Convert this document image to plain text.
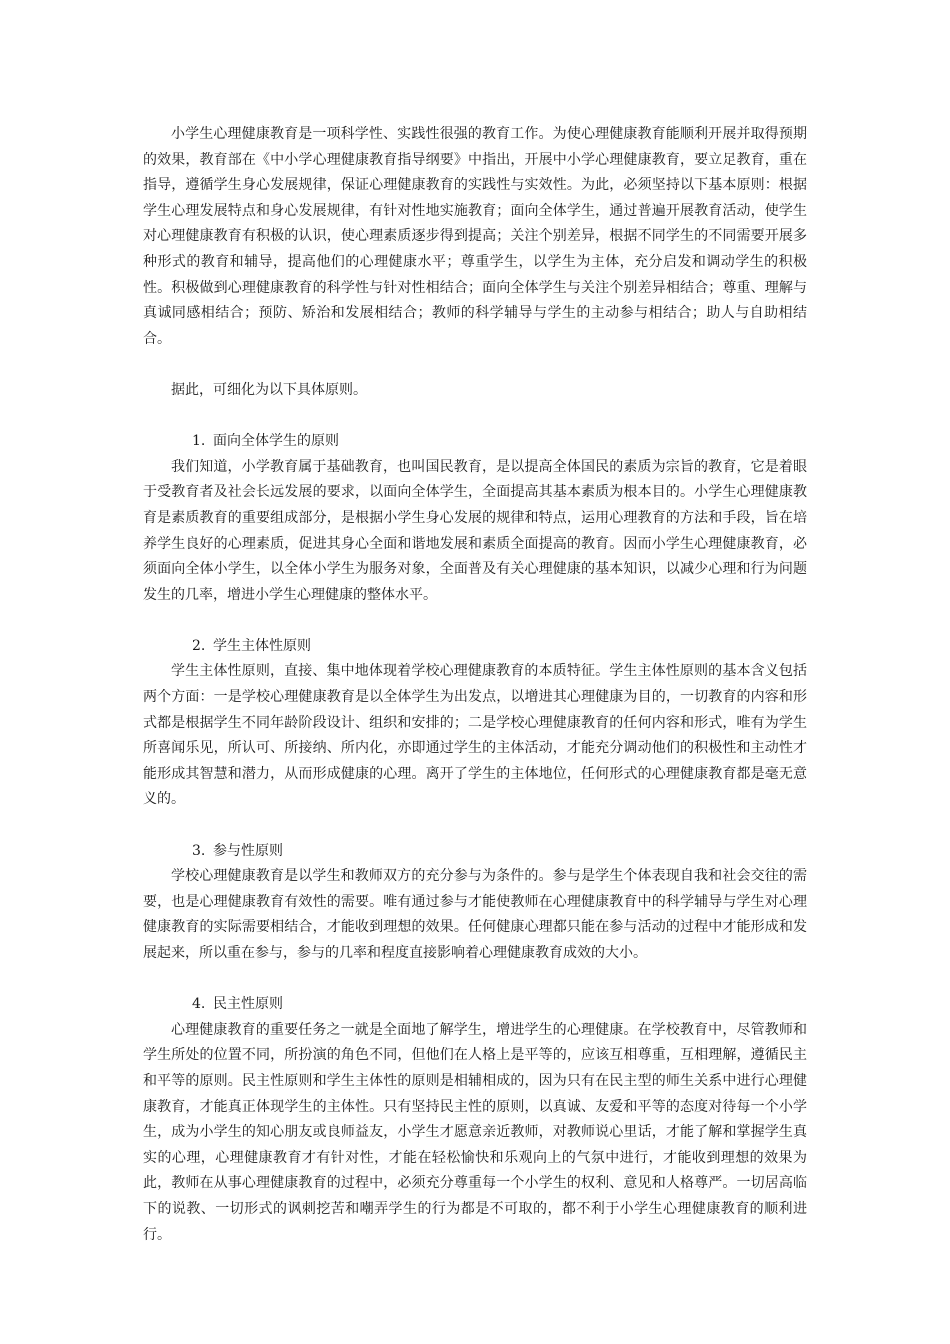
小学生心理健康教育是一项科学性、实践性很强的教育工作。为使心理健康教育能顺利开展并取得预期的效果，教育部在《中小学心理健康教育指导纲要》中指出，开展中小学心理健康教育，要立足教育，重在指导，遵循学生身心发展规律，保证心理健康教育的实践性与实效性。为此，必须坚持以下基本原则：根据学生心理发展特点和身心发展规律，有针对性地实施教育；面向全体学生，通过普遍开展教育活动，使学生对心理健康教育有积极的认识，使心理素质逐步得到提高；关注个别差异，根据不同学生的不同需要开展多种形式的教育和辅导，提高他们的心理健康水平；尊重学生，以学生为主体，充分启发和调动学生的积极性。积极做到心理健康教育的科学性与针对性相结合；面向全体学生与关注个别差异相结合；尊重、理解与真诚同感相结合；预防、矫治和发展相结合；教师的科学辅导与学生的主动参与相结合；助人与自助相结合。

据此，可细化为以下具体原则。

1. 面向全体学生的原则

我们知道，小学教育属于基础教育，也叫国民教育，是以提高全体国民的素质为宗旨的教育，它是着眼于受教育者及社会长远发展的要求，以面向全体学生，全面提高其基本素质为根本目的。小学生心理健康教育是素质教育的重要组成部分，是根据小学生身心发展的规律和特点，运用心理教育的方法和手段，旨在培养学生良好的心理素质，促进其身心全面和谐地发展和素质全面提高的教育。因而小学生心理健康教育，必须面向全体小学生，以全体小学生为服务对象，全面普及有关心理健康的基本知识，以减少心理和行为问题发生的几率，增进小学生心理健康的整体水平。

2. 学生主体性原则

学生主体性原则，直接、集中地体现着学校心理健康教育的本质特征。学生主体性原则的基本含义包括两个方面：一是学校心理健康教育是以全体学生为出发点，以增进其心理健康为目的，一切教育的内容和形式都是根据学生不同年龄阶段设计、组织和安排的；二是学校心理健康教育的任何内容和形式，唯有为学生所喜闻乐见，所认可、所接纳、所内化，亦即通过学生的主体活动，才能充分调动他们的积极性和主动性才能形成其智慧和潜力，从而形成健康的心理。离开了学生的主体地位，任何形式的心理健康教育都是毫无意义的。

3. 参与性原则

学校心理健康教育是以学生和教师双方的充分参与为条件的。参与是学生个体表现自我和社会交往的需要，也是心理健康教育有效性的需要。唯有通过参与才能使教师在心理健康教育中的科学辅导与学生对心理健康教育的实际需要相结合，才能收到理想的效果。任何健康心理都只能在参与活动的过程中才能形成和发展起来，所以重在参与，参与的几率和程度直接影响着心理健康教育成效的大小。

4. 民主性原则

心理健康教育的重要任务之一就是全面地了解学生，增进学生的心理健康。在学校教育中，尽管教师和学生所处的位置不同，所扮演的角色不同，但他们在人格上是平等的，应该互相尊重，互相理解，遵循民主和平等的原则。民主性原则和学生主体性的原则是相辅相成的，因为只有在民主型的师生关系中进行心理健康教育，才能真正体现学生的主体性。只有坚持民主性的原则，以真诚、友爱和平等的态度对待每一个小学生，成为小学生的知心朋友或良师益友，小学生才愿意亲近教师，对教师说心里话，才能了解和掌握学生真实的心理，心理健康教育才有针对性，才能在轻松愉快和乐观向上的气氛中进行，才能收到理想的效果为此，教师在从事心理健康教育的过程中，必须充分尊重每一个小学生的权利、意见和人格尊严。一切居高临下的说教、一切形式的讽刺挖苦和嘲弄学生的行为都是不可取的，都不利于小学生心理健康教育的顺利进行。
